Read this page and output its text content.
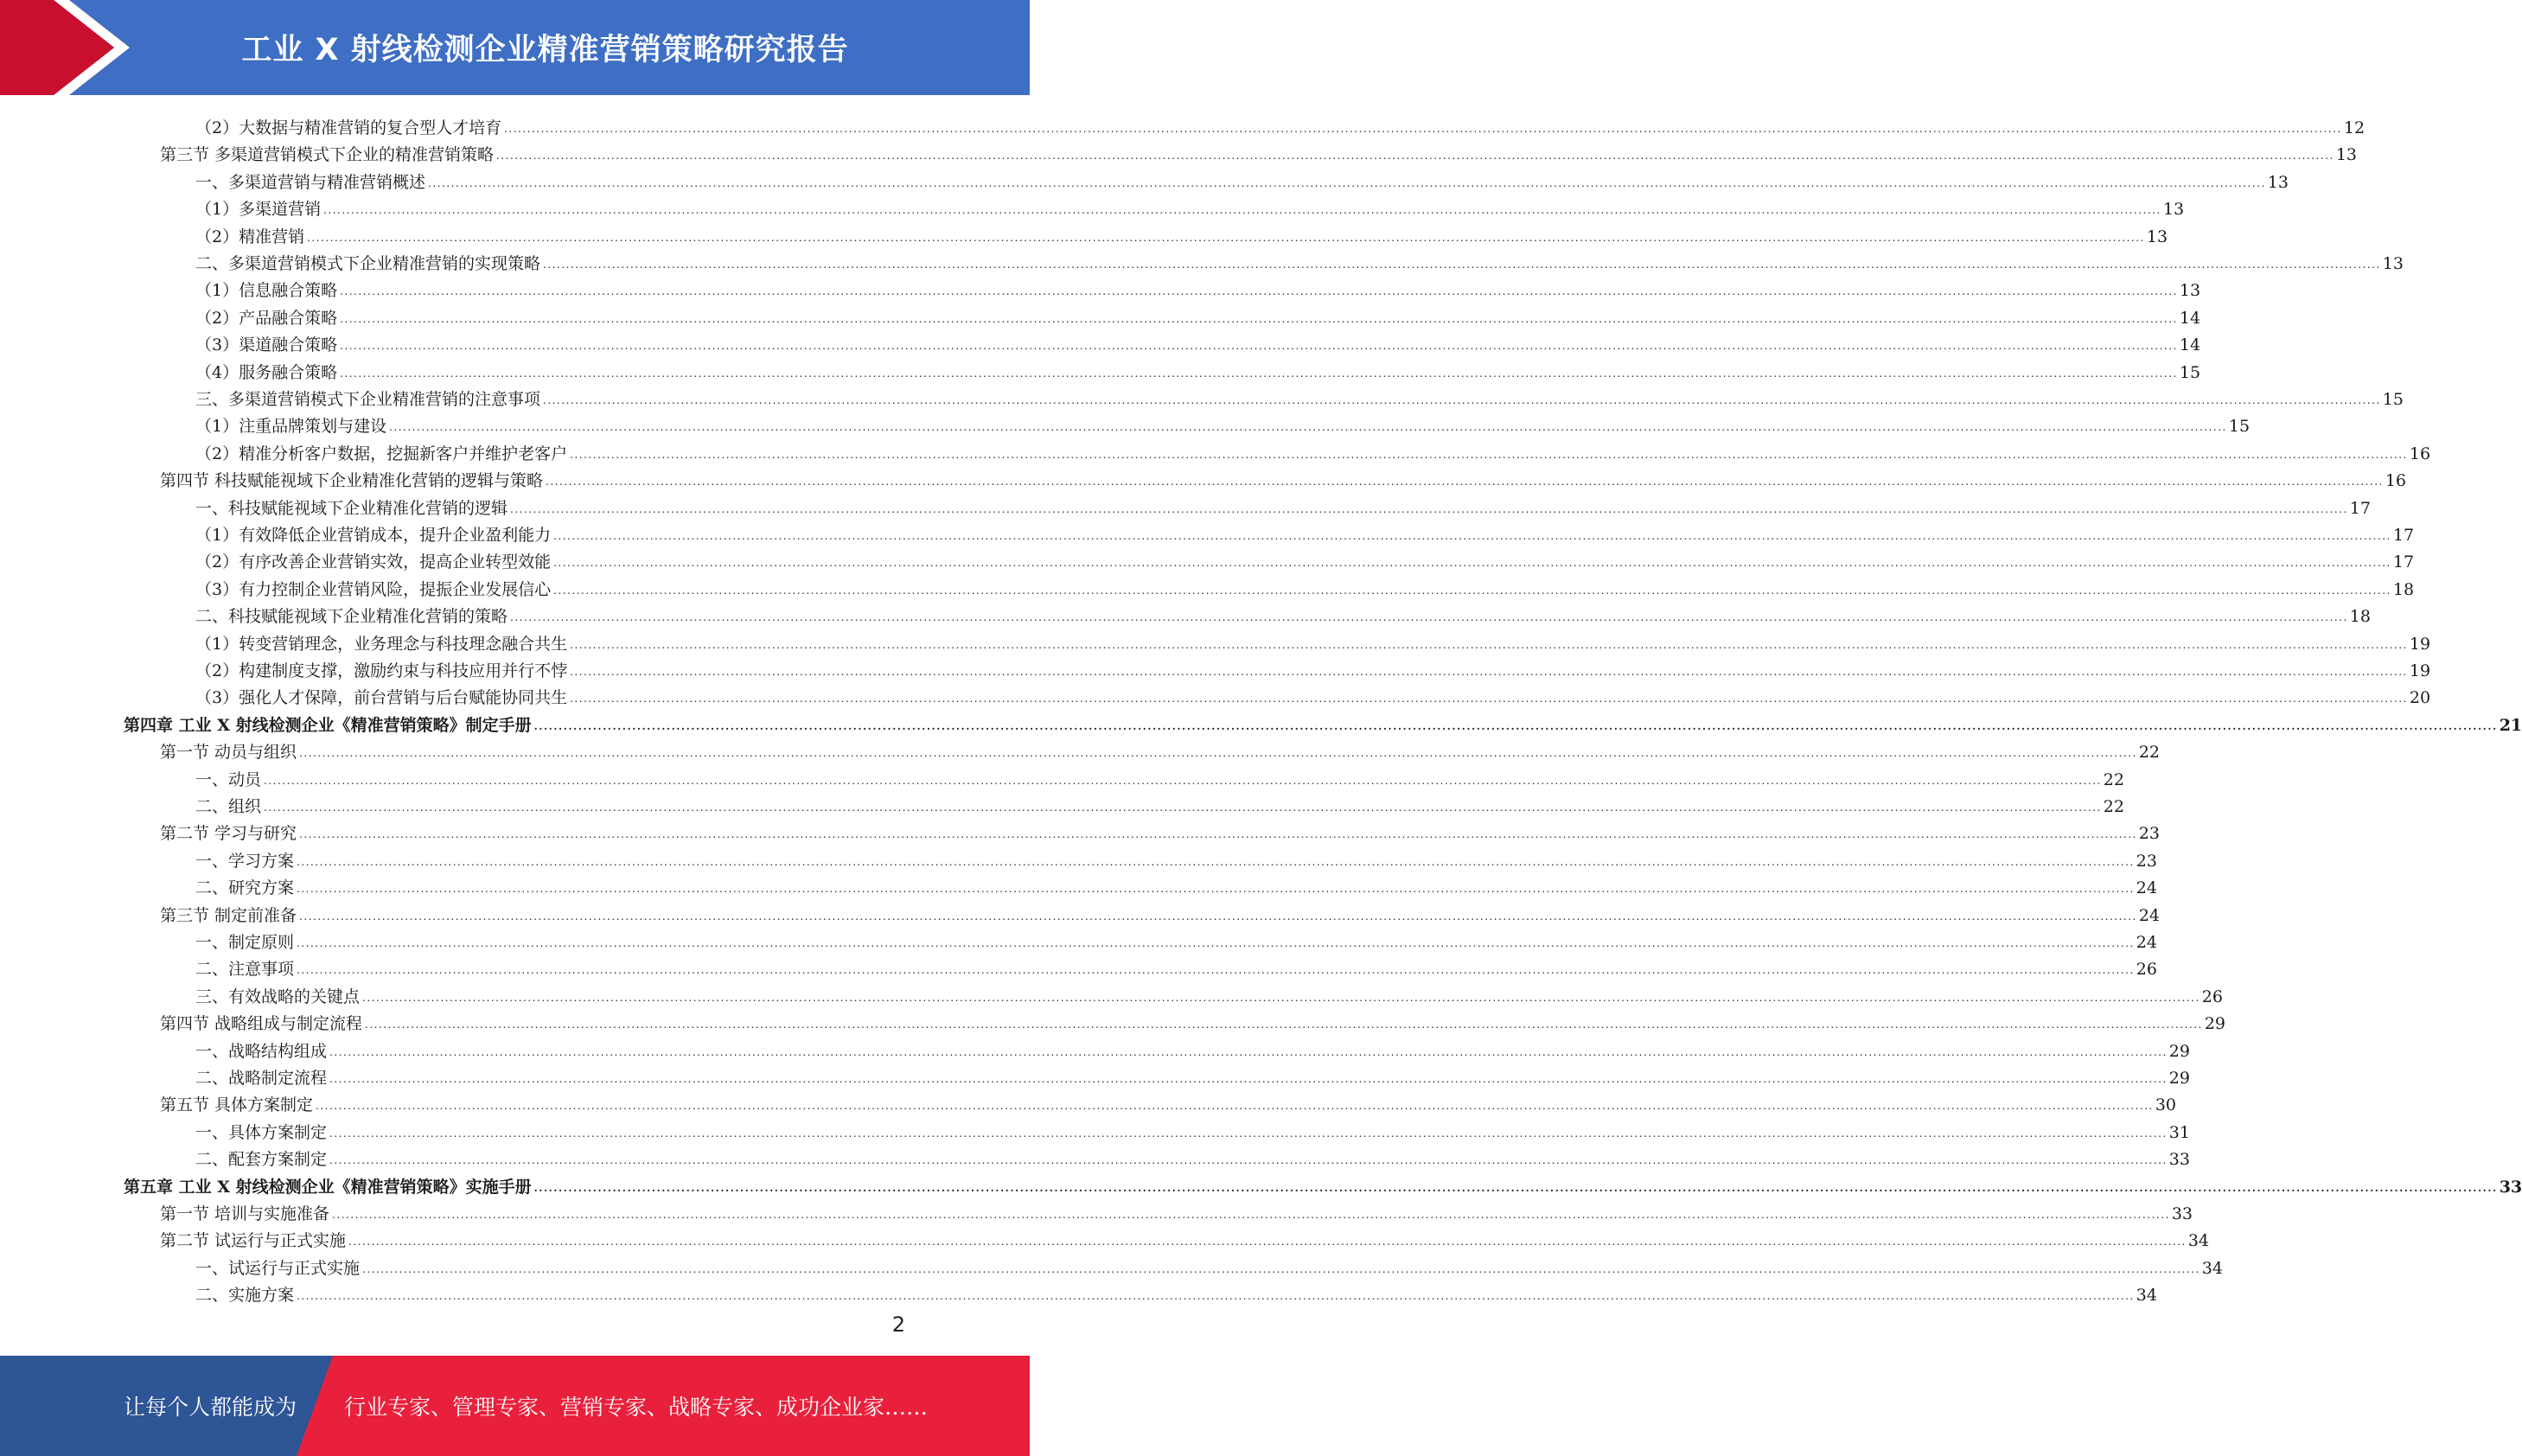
工业 X 射线检测企业精准营销策略研究报告
（2）大数据与精准营销的复合型人才培育 ................................................................................................................................................................................................................................................................................................................................................................................................................ 12
第三节 多渠道营销模式下企业的精准营销策略 ................................................................................................................................................................................................................................................................................................................................................................................................................ 13
一、多渠道营销与精准营销概述 ................................................................................................................................................................................................................................................................................................................................................................................................................ 13
（1）多渠道营销 ................................................................................................................................................................................................................................................................................................................................................................................................................ 13
（2）精准营销 ................................................................................................................................................................................................................................................................................................................................................................................................................ 13
二、多渠道营销模式下企业精准营销的实现策略 ................................................................................................................................................................................................................................................................................................................................................................................................................ 13
（1）信息融合策略 ................................................................................................................................................................................................................................................................................................................................................................................................................ 13
（2）产品融合策略 ................................................................................................................................................................................................................................................................................................................................................................................................................ 14
（3）渠道融合策略 ................................................................................................................................................................................................................................................................................................................................................................................................................ 14
（4）服务融合策略 ................................................................................................................................................................................................................................................................................................................................................................................................................ 15
三、多渠道营销模式下企业精准营销的注意事项 ................................................................................................................................................................................................................................................................................................................................................................................................................ 15
（1）注重品牌策划与建设 ................................................................................................................................................................................................................................................................................................................................................................................................................ 15
（2）精准分析客户数据，挖掘新客户并维护老客户 ................................................................................................................................................................................................................................................................................................................................................................................................................ 16
第四节 科技赋能视域下企业精准化营销的逻辑与策略 ................................................................................................................................................................................................................................................................................................................................................................................................................ 16
一、科技赋能视域下企业精准化营销的逻辑 ................................................................................................................................................................................................................................................................................................................................................................................................................ 17
（1）有效降低企业营销成本，提升企业盈利能力 ................................................................................................................................................................................................................................................................................................................................................................................................................ 17
（2）有序改善企业营销实效，提高企业转型效能 ................................................................................................................................................................................................................................................................................................................................................................................................................ 17
（3）有力控制企业营销风险，提振企业发展信心 ................................................................................................................................................................................................................................................................................................................................................................................................................ 18
二、科技赋能视域下企业精准化营销的策略 ................................................................................................................................................................................................................................................................................................................................................................................................................ 18
（1）转变营销理念，业务理念与科技理念融合共生 ................................................................................................................................................................................................................................................................................................................................................................................................................ 19
（2）构建制度支撑，激励约束与科技应用并行不悖 ................................................................................................................................................................................................................................................................................................................................................................................................................ 19
（3）强化人才保障，前台营销与后台赋能协同共生 ................................................................................................................................................................................................................................................................................................................................................................................................................ 20
第四章 工业 X 射线检测企业《精准营销策略》制定手册 ................................................................................................................................................................................................................................................................................................................................................................................................................ 21
第一节 动员与组织 ................................................................................................................................................................................................................................................................................................................................................................................................................ 22
一、动员 ................................................................................................................................................................................................................................................................................................................................................................................................................ 22
二、组织 ................................................................................................................................................................................................................................................................................................................................................................................................................ 22
第二节 学习与研究 ................................................................................................................................................................................................................................................................................................................................................................................................................ 23
一、学习方案 ................................................................................................................................................................................................................................................................................................................................................................................................................ 23
二、研究方案 ................................................................................................................................................................................................................................................................................................................................................................................................................ 24
第三节 制定前准备 ................................................................................................................................................................................................................................................................................................................................................................................................................ 24
一、制定原则 ................................................................................................................................................................................................................................................................................................................................................................................................................ 24
二、注意事项 ................................................................................................................................................................................................................................................................................................................................................................................................................ 26
三、有效战略的关键点 ................................................................................................................................................................................................................................................................................................................................................................................................................ 26
第四节 战略组成与制定流程 ................................................................................................................................................................................................................................................................................................................................................................................................................ 29
一、战略结构组成 ................................................................................................................................................................................................................................................................................................................................................................................................................ 29
二、战略制定流程 ................................................................................................................................................................................................................................................................................................................................................................................................................ 29
第五节 具体方案制定 ................................................................................................................................................................................................................................................................................................................................................................................................................ 30
一、具体方案制定 ................................................................................................................................................................................................................................................................................................................................................................................................................ 31
二、配套方案制定 ................................................................................................................................................................................................................................................................................................................................................................................................................ 33
第五章 工业 X 射线检测企业《精准营销策略》实施手册 ................................................................................................................................................................................................................................................................................................................................................................................................................ 33
第一节 培训与实施准备 ................................................................................................................................................................................................................................................................................................................................................................................................................ 33
第二节 试运行与正式实施 ................................................................................................................................................................................................................................................................................................................................................................................................................ 34
一、试运行与正式实施 ................................................................................................................................................................................................................................................................................................................................................................................................................ 34
二、实施方案 ................................................................................................................................................................................................................................................................................................................................................................................................................ 34
2
让每个人都能成为 行业专家、管理专家、营销专家、战略专家、成功企业家……
